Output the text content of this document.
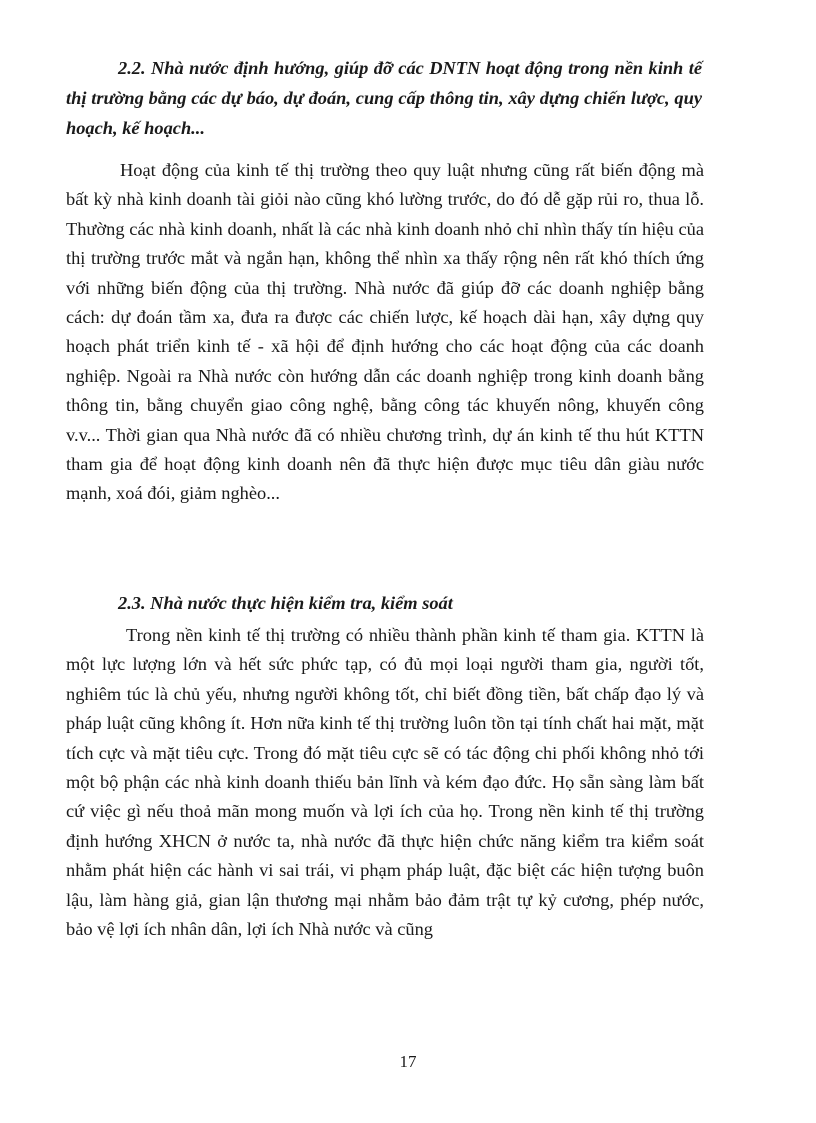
2.2. Nhà nước định hướng, giúp đỡ các DNTN hoạt động trong nền kinh tế thị trường bằng các dự báo, dự đoán, cung cấp thông tin, xây dựng chiến lược, quy hoạch, kế hoạch...

Hoạt động của kinh tế thị trường theo quy luật nhưng cũng rất biến động mà bất kỳ nhà kinh doanh tài giỏi nào cũng khó lường trước, do đó dễ gặp rủi ro, thua lỗ. Thường các nhà kinh doanh, nhất là các nhà kinh doanh nhỏ chỉ nhìn thấy tín hiệu của thị trường trước mắt và ngắn hạn, không thể nhìn xa thấy rộng nên rất khó thích ứng với những biến động của thị trường. Nhà nước đã giúp đỡ các doanh nghiệp bằng cách: dự đoán tầm xa, đưa ra được các chiến lược, kế hoạch dài hạn, xây dựng quy hoạch phát triển kinh tế - xã hội để định hướng cho các hoạt động của các doanh nghiệp. Ngoài ra Nhà nước còn hướng dẫn các doanh nghiệp trong kinh doanh bằng thông tin, bằng chuyển giao công nghệ, bằng công tác khuyến nông, khuyến công v.v... Thời gian qua Nhà nước đã có nhiều chương trình, dự án kinh tế thu hút KTTN tham gia để hoạt động kinh doanh nên đã thực hiện được mục tiêu dân giàu nước mạnh, xoá đói, giảm nghèo...

2.3. Nhà nước thực hiện kiểm tra, kiểm soát

Trong nền kinh tế thị trường có nhiều thành phần kinh tế tham gia. KTTN là một lực lượng lớn và hết sức phức tạp, có đủ mọi loại người tham gia, người tốt, nghiêm túc là chủ yếu, nhưng người không tốt, chỉ biết đồng tiền, bất chấp đạo lý và pháp luật cũng không ít. Hơn nữa kinh tế thị trường luôn tồn tại tính chất hai mặt, mặt tích cực và mặt tiêu cực. Trong đó mặt tiêu cực sẽ có tác động chi phối không nhỏ tới một bộ phận các nhà kinh doanh thiếu bản lĩnh và kém đạo đức. Họ sẵn sàng làm bất cứ việc gì nếu thoả mãn mong muốn và lợi ích của họ. Trong nền kinh tế thị trường định hướng XHCN ở nước ta, nhà nước đã thực hiện chức năng kiểm tra kiểm soát nhằm phát hiện các hành vi sai trái, vi phạm pháp luật, đặc biệt các hiện tượng buôn lậu, làm hàng giả, gian lận thương mại nhằm bảo đảm trật tự kỷ cương, phép nước, bảo vệ lợi ích nhân dân, lợi ích Nhà nước và cũng

17
